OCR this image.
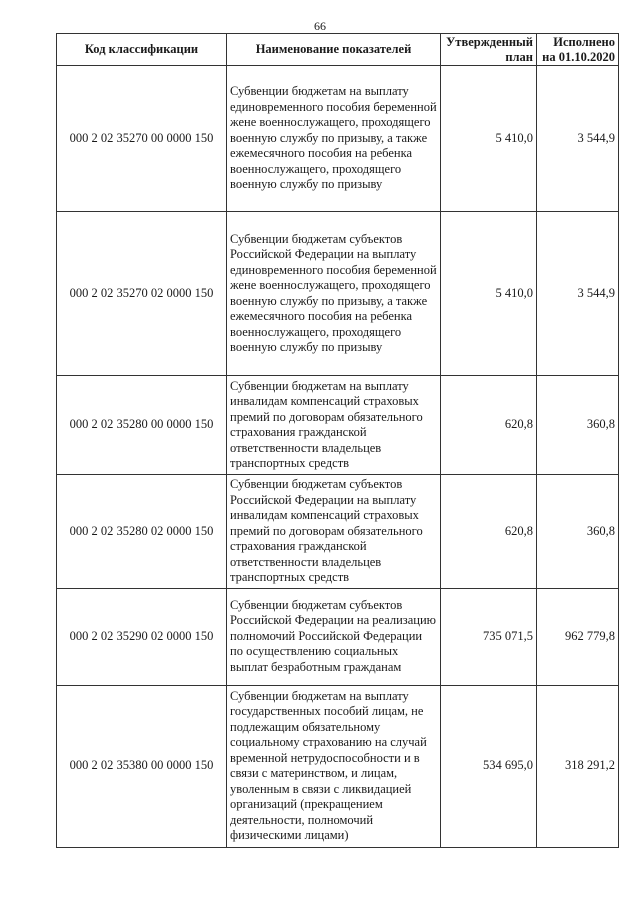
66
Код классификации	Наименование показателей	Утвержденный план	Исполнено на 01.10.2020
000 2 02 35270 00 0000 150	Субвенции бюджетам на выплату единовременного пособия беременной жене военнослужащего, проходящего военную службу по призыву, а также ежемесячного пособия на ребенка военнослужащего, проходящего военную службу по призыву	5 410,0	3 544,9
000 2 02 35270 02 0000 150	Субвенции бюджетам субъектов Российской Федерации на выплату единовременного пособия беременной жене военнослужащего, проходящего военную службу по призыву, а также ежемесячного пособия на ребенка военнослужащего, проходящего военную службу по призыву	5 410,0	3 544,9
000 2 02 35280 00 0000 150	Субвенции бюджетам на выплату инвалидам компенсаций страховых премий по договорам обязательного страхования гражданской ответственности владельцев транспортных средств	620,8	360,8
000 2 02 35280 02 0000 150	Субвенции бюджетам субъектов Российской Федерации на выплату инвалидам компенсаций страховых премий по договорам обязательного страхования гражданской ответственности владельцев транспортных средств	620,8	360,8
000 2 02 35290 02 0000 150	Субвенции бюджетам субъектов Российской Федерации на реализацию полномочий Российской Федерации по осуществлению социальных выплат безработным гражданам	735 071,5	962 779,8
000 2 02 35380 00 0000 150	Субвенции бюджетам на выплату государственных пособий лицам, не подлежащим обязательному социальному страхованию на случай временной нетрудоспособности и в связи с материнством, и лицам, уволенным в связи с ликвидацией организаций (прекращением деятельности, полномочий физическими лицами)	534 695,0	318 291,2
